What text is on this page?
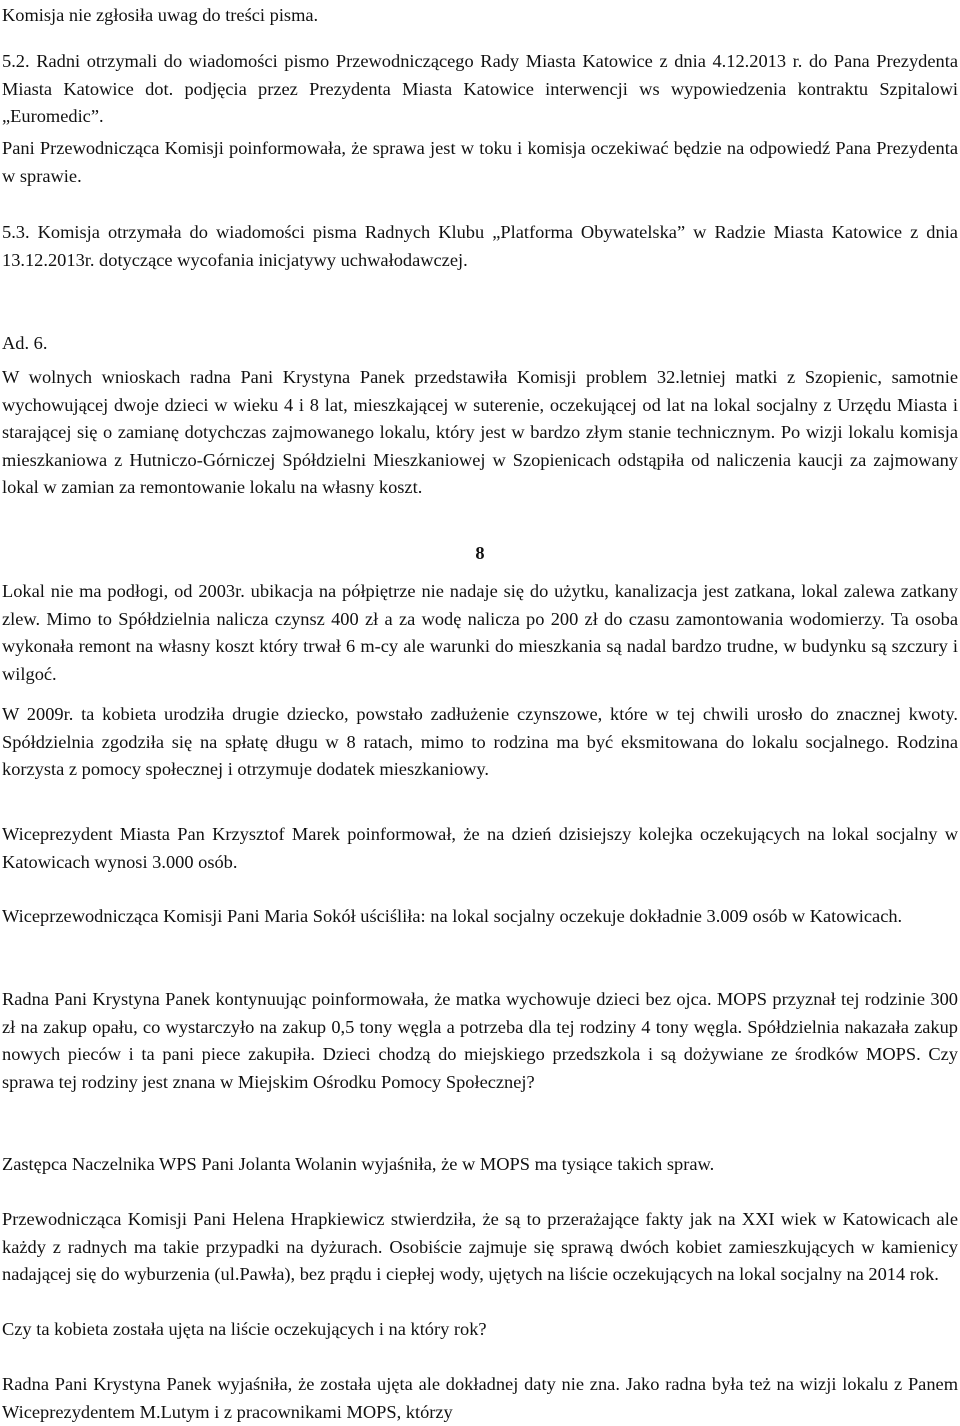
Komisja nie zgłosiła uwag do treści pisma.

5.2. Radni otrzymali do wiadomości pismo Przewodniczącego Rady Miasta Katowice z dnia 4.12.2013 r. do Pana Prezydenta Miasta Katowice dot. podjęcia przez Prezydenta Miasta Katowice interwencji ws wypowiedzenia kontraktu Szpitalowi „Euromedic”.

Pani Przewodnicząca Komisji poinformowała, że sprawa jest w toku i komisja oczekiwać będzie na odpowiedź Pana Prezydenta w sprawie.

5.3. Komisja otrzymała do wiadomości pisma Radnych Klubu „Platforma Obywatelska” w Radzie Miasta Katowice z dnia 13.12.2013r. dotyczące wycofania inicjatywy uchwałodawczej.

Ad. 6.

W wolnych wnioskach radna Pani Krystyna Panek przedstawiła Komisji problem 32.letniej matki z Szopienic, samotnie wychowującej dwoje dzieci w wieku 4 i 8 lat, mieszkającej w suterenie, oczekującej od lat na lokal socjalny z Urzędu Miasta i starającej się o zamianę dotychczas zajmowanego lokalu, który jest w bardzo złym stanie technicznym. Po wizji lokalu komisja mieszkaniowa z Hutniczo-Górniczej Spółdzielni Mieszkaniowej w Szopienicach odstąpiła od naliczenia kaucji za zajmowany lokal w zamian za remontowanie lokalu na własny koszt.

8

Lokal nie ma podłogi, od 2003r. ubikacja na półpiętrze nie nadaje się do użytku, kanalizacja jest zatkana, lokal zalewa zatkany zlew. Mimo to Spółdzielnia nalicza czynsz 400 zł a za wodę nalicza po 200 zł do czasu zamontowania wodomierzy. Ta osoba wykonała remont na własny koszt który trwał 6 m-cy ale warunki do mieszkania są nadal bardzo trudne, w budynku są szczury i wilgoć.

W 2009r. ta kobieta urodziła drugie dziecko, powstało zadłużenie czynszowe, które w tej chwili urosło do znacznej kwoty. Spółdzielnia zgodziła się na spłatę długu w 8 ratach, mimo to rodzina ma być eksmitowana do lokalu socjalnego. Rodzina korzysta z pomocy społecznej i otrzymuje dodatek mieszkaniowy.

Wiceprezydent Miasta Pan Krzysztof Marek poinformował, że na dzień dzisiejszy kolejka oczekujących na lokal socjalny w Katowicach wynosi 3.000 osób.

Wiceprzewodnicząca Komisji Pani Maria Sokół uściśliła: na lokal socjalny oczekuje dokładnie 3.009 osób w Katowicach.

Radna Pani Krystyna Panek kontynuując poinformowała, że matka wychowuje dzieci bez ojca. MOPS przyznał tej rodzinie 300 zł na zakup opału, co wystarczyło na zakup 0,5 tony węgla a potrzeba dla tej rodziny 4 tony węgla. Spółdzielnia nakazała zakup nowych pieców i ta pani piece zakupiła. Dzieci chodzą do miejskiego przedszkola i są dożywiane ze środków MOPS. Czy sprawa tej rodziny jest znana w Miejskim Ośrodku Pomocy Społecznej?

Zastępca Naczelnika WPS Pani Jolanta Wolanin wyjaśniła, że w MOPS ma tysiące takich spraw.

Przewodnicząca Komisji Pani Helena Hrapkiewicz stwierdziła, że są to przerażające fakty jak na XXI wiek w Katowicach ale każdy z radnych ma takie przypadki na dyżurach. Osobiście zajmuje się sprawą dwóch kobiet zamieszkujących w kamienicy nadającej się do wyburzenia (ul.Pawła), bez prądu i ciepłej wody, ujętych na liście oczekujących na lokal socjalny na 2014 rok.

Czy ta kobieta została ujęta na liście oczekujących i na który rok?

Radna Pani Krystyna Panek wyjaśniła, że została ujęta ale dokładnej daty nie zna. Jako radna była też na wizji lokalu z Panem Wiceprezydentem M.Lutym i z pracownikami MOPS, którzy
